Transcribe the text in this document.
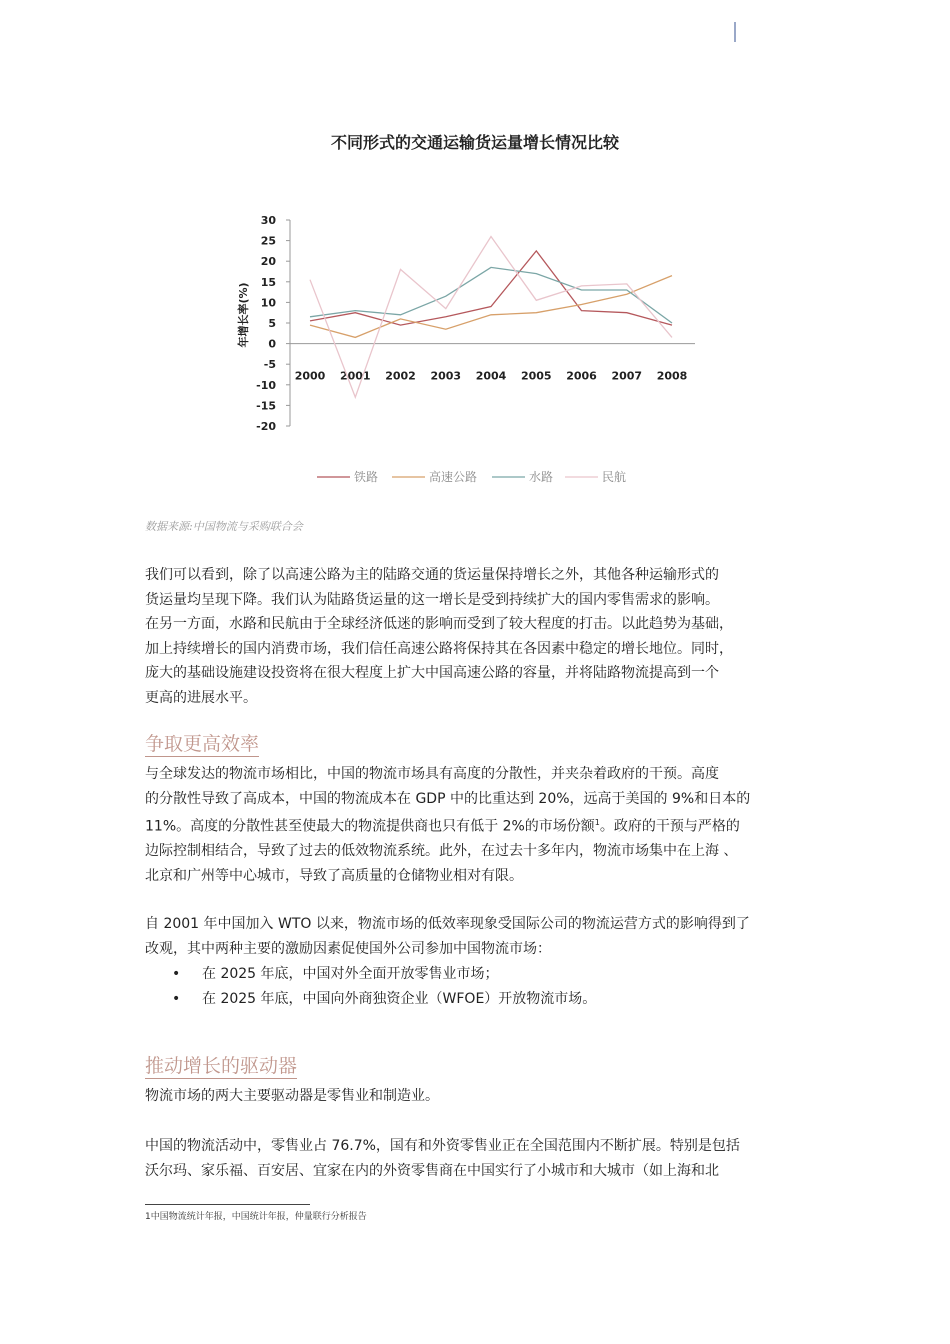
不同形式的交通运输货运量增长情况比较
30
25
20
15
10
5
0
-5
-10
-15
-20
2000 2001 2002 2003 2004 2005 2006 2007 2008
铁路	高速公路	水路	民航
年增长率(%)
数据来源:中国物流与采购联合会
我们可以看到，除了以高速公路为主的陆路交通的货运量保持增长之外，其他各种运输形式的
货运量均呈现下降。我们认为陆路货运量的这一增长是受到持续扩大的国内零售需求的影响。
在另一方面，水路和民航由于全球经济低迷的影响而受到了较大程度的打击。以此趋势为基础，
加上持续增长的国内消费市场，我们信任高速公路将保持其在各因素中稳定的增长地位。同时，
庞大的基础设施建设投资将在很大程度上扩大中国高速公路的容量，并将陆路物流提高到一个
更高的进展水平。
争取更高效率
与全球发达的物流市场相比，中国的物流市场具有高度的分散性，并夹杂着政府的干预。高度
的分散性导致了高成本，中国的物流成本在 GDP 中的比重达到 20%，远高于美国的 9%和日本的
11%。高度的分散性甚至使最大的物流提供商也只有低于 2%的市场份额$^1$。政府的干预与严格的
边际控制相结合，导致了过去的低效物流系统。此外，在过去十多年内，物流市场集中在上海 、
北京和广州等中心城市，导致了高质量的仓储物业相对有限。
自 2001 年中国加入 WTO 以来，物流市场的低效率现象受国际公司的物流运营方式的影响得到了
改观，其中两种主要的激励因素促使国外公司参加中国物流市场：
• 在 2025 年底，中国对外全面开放零售业市场；
• 在 2025 年底，中国向外商独资企业（WFOE）开放物流市场。
推动增长的驱动器
物流市场的两大主要驱动器是零售业和制造业。
中国的物流活动中，零售业占 76.7%，国有和外资零售业正在全国范围内不断扩展。特别是包括
沃尔玛、家乐福、百安居、宜家在内的外资零售商在中国实行了小城市和大城市（如上海和北
1中国物流统计年报，中国统计年报，仲量联行分析报告
